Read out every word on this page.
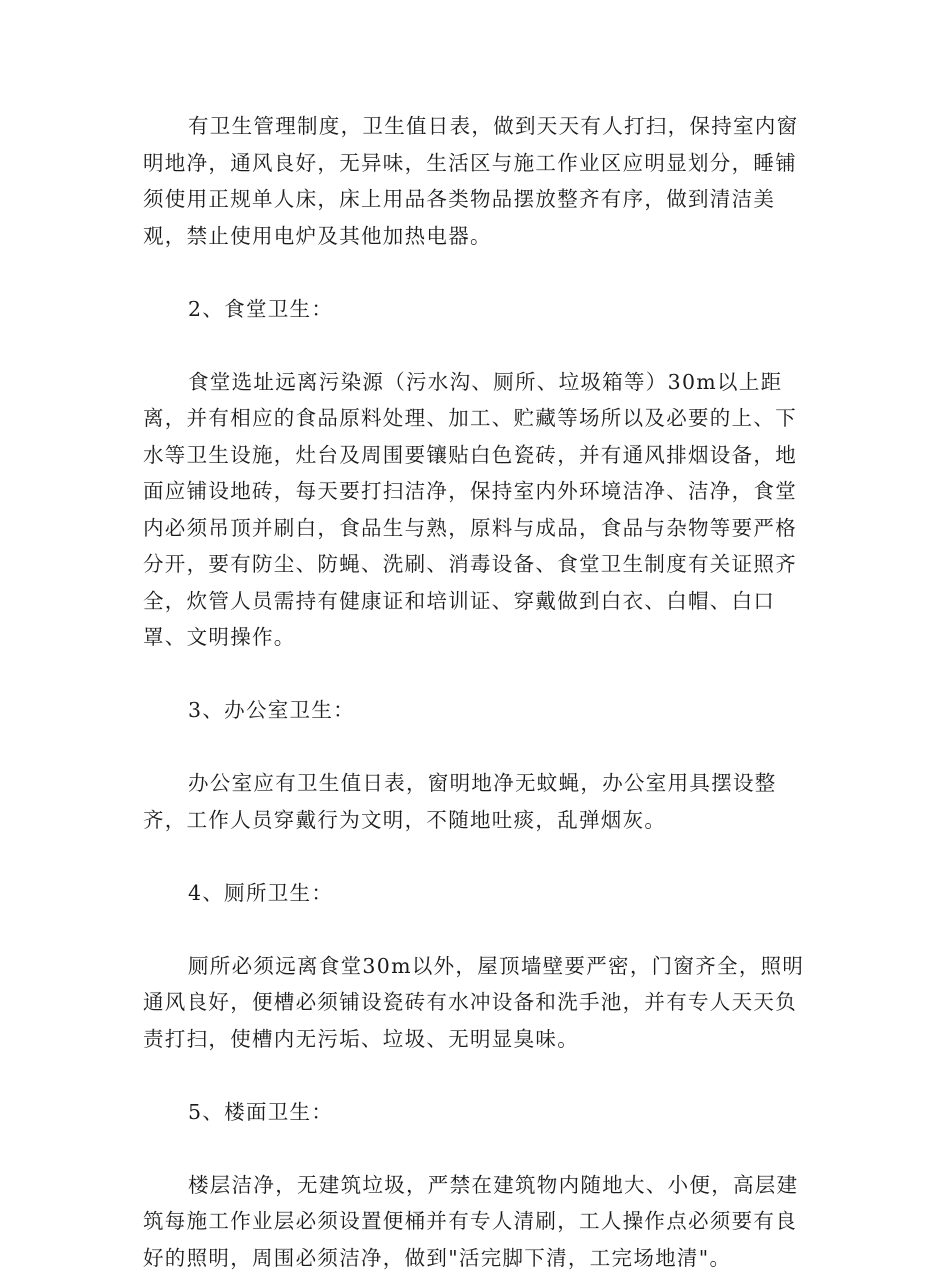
有卫生管理制度，卫生值日表，做到天天有人打扫，保持室内窗明地净，通风良好，无异味，生活区与施工作业区应明显划分，睡铺须使用正规单人床，床上用品各类物品摆放整齐有序，做到清洁美观，禁止使用电炉及其他加热电器。

2、食堂卫生：

食堂选址远离污染源（污水沟、厕所、垃圾箱等）30m以上距离，并有相应的食品原料处理、加工、贮藏等场所以及必要的上、下水等卫生设施，灶台及周围要镶贴白色瓷砖，并有通风排烟设备，地面应铺设地砖，每天要打扫洁净，保持室内外环境洁净、洁净，食堂内必须吊顶并刷白，食品生与熟，原料与成品，食品与杂物等要严格分开，要有防尘、防蝇、洗刷、消毒设备、食堂卫生制度有关证照齐全，炊管人员需持有健康证和培训证、穿戴做到白衣、白帽、白口罩、文明操作。

3、办公室卫生：

办公室应有卫生值日表，窗明地净无蚊蝇，办公室用具摆设整齐，工作人员穿戴行为文明，不随地吐痰，乱弹烟灰。

4、厕所卫生：

厕所必须远离食堂30m以外，屋顶墙壁要严密，门窗齐全，照明通风良好，便槽必须铺设瓷砖有水冲设备和洗手池，并有专人天天负责打扫，使槽内无污垢、垃圾、无明显臭味。

5、楼面卫生：

楼层洁净，无建筑垃圾，严禁在建筑物内随地大、小便，高层建筑每施工作业层必须设置便桶并有专人清刷，工人操作点必须要有良好的照明，周围必须洁净，做到"活完脚下清，工完场地清"。
